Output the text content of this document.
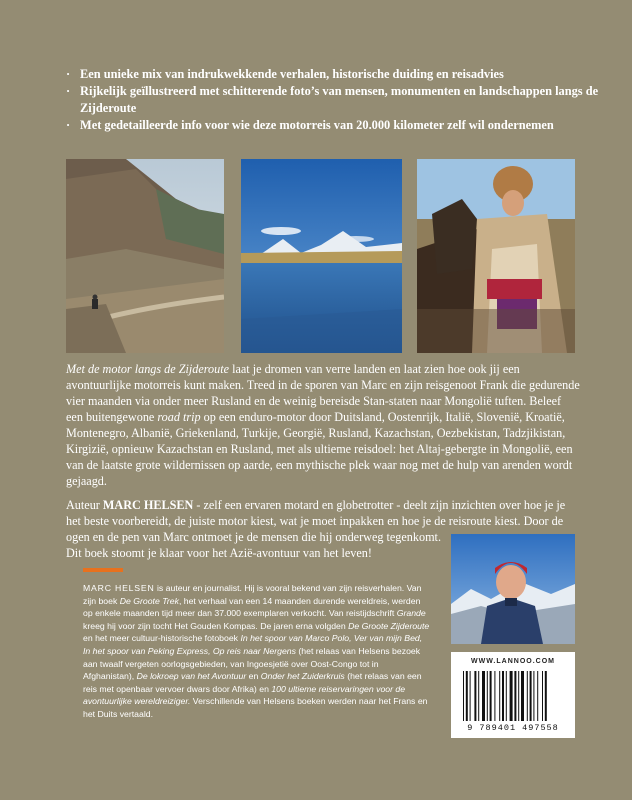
· Een unieke mix van indrukwekkende verhalen, historische duiding en reisadvies
· Rijkelijk geïllustreerd met schitterende foto’s van mensen, monumenten en landschappen langs de Zijderoute
· Met gedetailleerde info voor wie deze motorreis van 20.000 kilometer zelf wil ondernemen

Met de motor langs de Zijderoute laat je dromen van verre landen en laat zien hoe ook jij een avontuurlijke motorreis kunt maken. Treed in de sporen van Marc en zijn reisgenoot Frank die gedurende vier maanden via onder meer Rusland en de weinig bereisde Stan-staten naar Mongolië tuften. Beleef een buitengewone road trip op een enduro-motor door Duitsland, Oostenrijk, Italië, Slovenië, Kroatië, Montenegro, Albanië, Griekenland, Turkije, Georgië, Rusland, Kazachstan, Oezbekistan, Tadzjikistan, Kirgizië, opnieuw Kazachstan en Rusland, met als ultieme reisdoel: het Altaj-gebergte in Mongolië, een van de laatste grote wildernissen op aarde, een mythische plek waar nog met de hulp van arenden wordt gejaagd.

Auteur MARC HELSEN - zelf een ervaren motard en globetrotter - deelt zijn inzichten over hoe je je het beste voorbereidt, de juiste motor kiest, wat je moet inpakken en hoe je de reisroute kiest. Door de ogen en de pen van Marc ontmoet je de mensen die hij onderweg tegenkomt.

Dit boek stoomt je klaar voor het Azië-avontuur van het leven!

MARC HELSEN is auteur en journalist. Hij is vooral bekend van zijn reisverhalen. Van zijn boek De Groote Trek, het verhaal van een 14 maanden durende wereldreis, werden op enkele maanden tijd meer dan 37.000 exemplaren verkocht. Van reistijdschrift Grande kreeg hij voor zijn tocht Het Gouden Kompas. De jaren erna volgden De Groote Zijderoute en het meer cultuur-historische fotoboek In het spoor van Marco Polo, Ver van mijn Bed, In het spoor van Peking Express, Op reis naar Nergens (het relaas van Helsens bezoek aan twaalf vergeten oorlogsgebieden, van Ingoesjetië over Oost-Congo tot in Afghanistan), De lokroep van het Avontuur en Onder het Zuiderkruis (het relaas van een reis met openbaar vervoer dwars door Afrika) en 100 ultieme reiservaringen voor de avontuurlijke wereldreiziger. Verschillende van Helsens boeken werden naar het Frans en het Duits vertaald.

WWW.LANNOO.COM
9 789401 497558
